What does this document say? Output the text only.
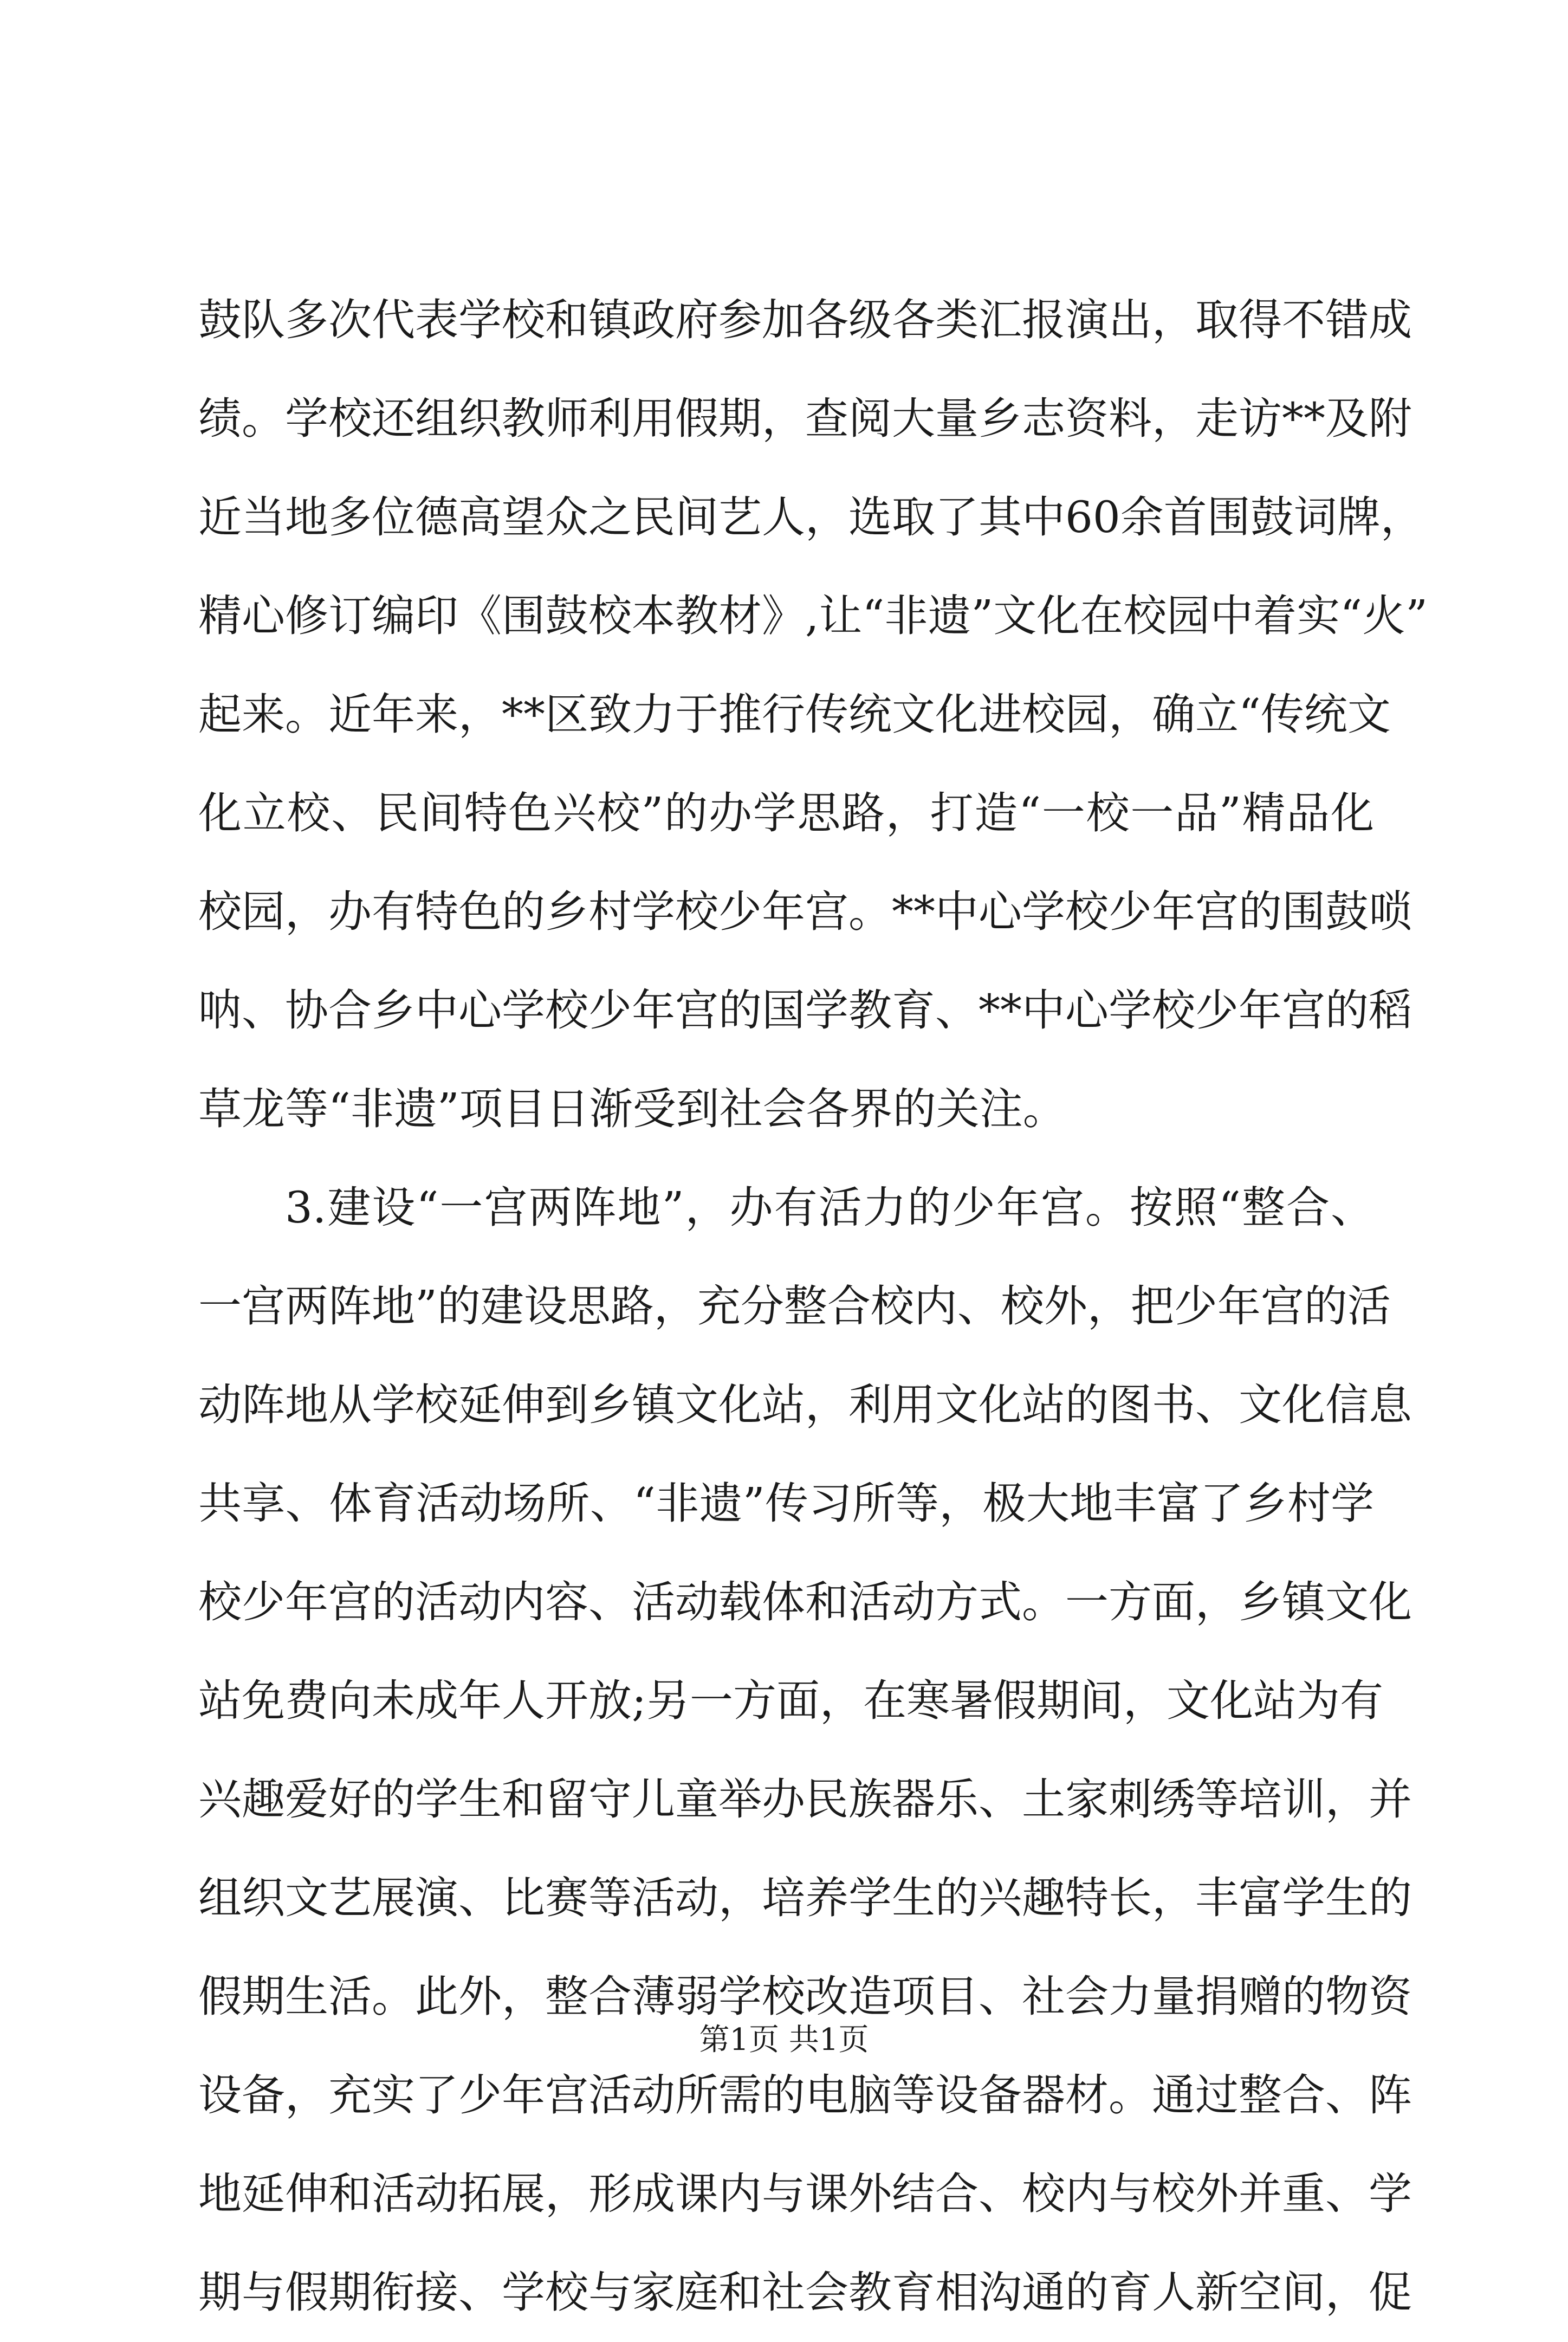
鼓队多次代表学校和镇政府参加各级各类汇报演出，取得不错成
绩。学校还组织教师利用假期，查阅大量乡志资料，走访**及附
近当地多位德高望众之民间艺人，选取了其中60余首围鼓词牌，
精心修订编印《围鼓校本教材》,让“非遗”文化在校园中着实“火”
起来。近年来，**区致力于推行传统文化进校园，确立“传统文
化立校、民间特色兴校”的办学思路，打造“一校一品”精品化
校园，办有特色的乡村学校少年宫。**中心学校少年宫的围鼓唢
呐、协合乡中心学校少年宫的国学教育、**中心学校少年宫的稻
草龙等“非遗”项目日渐受到社会各界的关注。
3.建设“一宫两阵地”，办有活力的少年宫。按照“整合、
一宫两阵地”的建设思路，充分整合校内、校外，把少年宫的活
动阵地从学校延伸到乡镇文化站，利用文化站的图书、文化信息
共享、体育活动场所、“非遗”传习所等，极大地丰富了乡村学
校少年宫的活动内容、活动载体和活动方式。一方面，乡镇文化
站免费向未成年人开放;另一方面，在寒暑假期间，文化站为有
兴趣爱好的学生和留守儿童举办民族器乐、土家刺绣等培训，并
组织文艺展演、比赛等活动，培养学生的兴趣特长，丰富学生的
假期生活。此外，整合薄弱学校改造项目、社会力量捐赠的物资
设备，充实了少年宫活动所需的电脑等设备器材。通过整合、阵
地延伸和活动拓展，形成课内与课外结合、校内与校外并重、学
期与假期衔接、学校与家庭和社会教育相沟通的育人新空间，促
第1页 共1页
